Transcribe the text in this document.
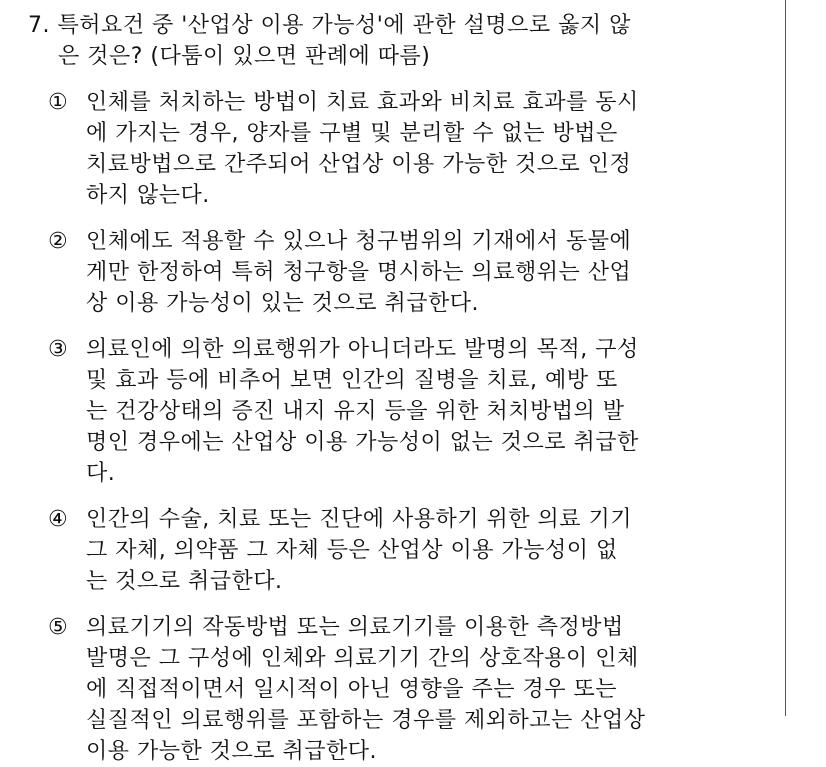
7. 특허요건 중 '산업상 이용 가능성'에 관한 설명으로 옳지 않
은 것은? (다툼이 있으면 판례에 따름)
① 인체를 처치하는 방법이 치료 효과와 비치료 효과를 동시
에 가지는 경우, 양자를 구별 및 분리할 수 없는 방법은
치료방법으로 간주되어 산업상 이용 가능한 것으로 인정
하지 않는다.
② 인체에도 적용할 수 있으나 청구범위의 기재에서 동물에
게만 한정하여 특허 청구항을 명시하는 의료행위는 산업
상 이용 가능성이 있는 것으로 취급한다.
③ 의료인에 의한 의료행위가 아니더라도 발명의 목적, 구성
및 효과 등에 비추어 보면 인간의 질병을 치료, 예방 또
는 건강상태의 증진 내지 유지 등을 위한 처치방법의 발
명인 경우에는 산업상 이용 가능성이 없는 것으로 취급한
다.
④ 인간의 수술, 치료 또는 진단에 사용하기 위한 의료 기기
그 자체, 의약품 그 자체 등은 산업상 이용 가능성이 없
는 것으로 취급한다.
⑤ 의료기기의 작동방법 또는 의료기기를 이용한 측정방법
발명은 그 구성에 인체와 의료기기 간의 상호작용이 인체
에 직접적이면서 일시적이 아닌 영향을 주는 경우 또는
실질적인 의료행위를 포함하는 경우를 제외하고는 산업상
이용 가능한 것으로 취급한다.
